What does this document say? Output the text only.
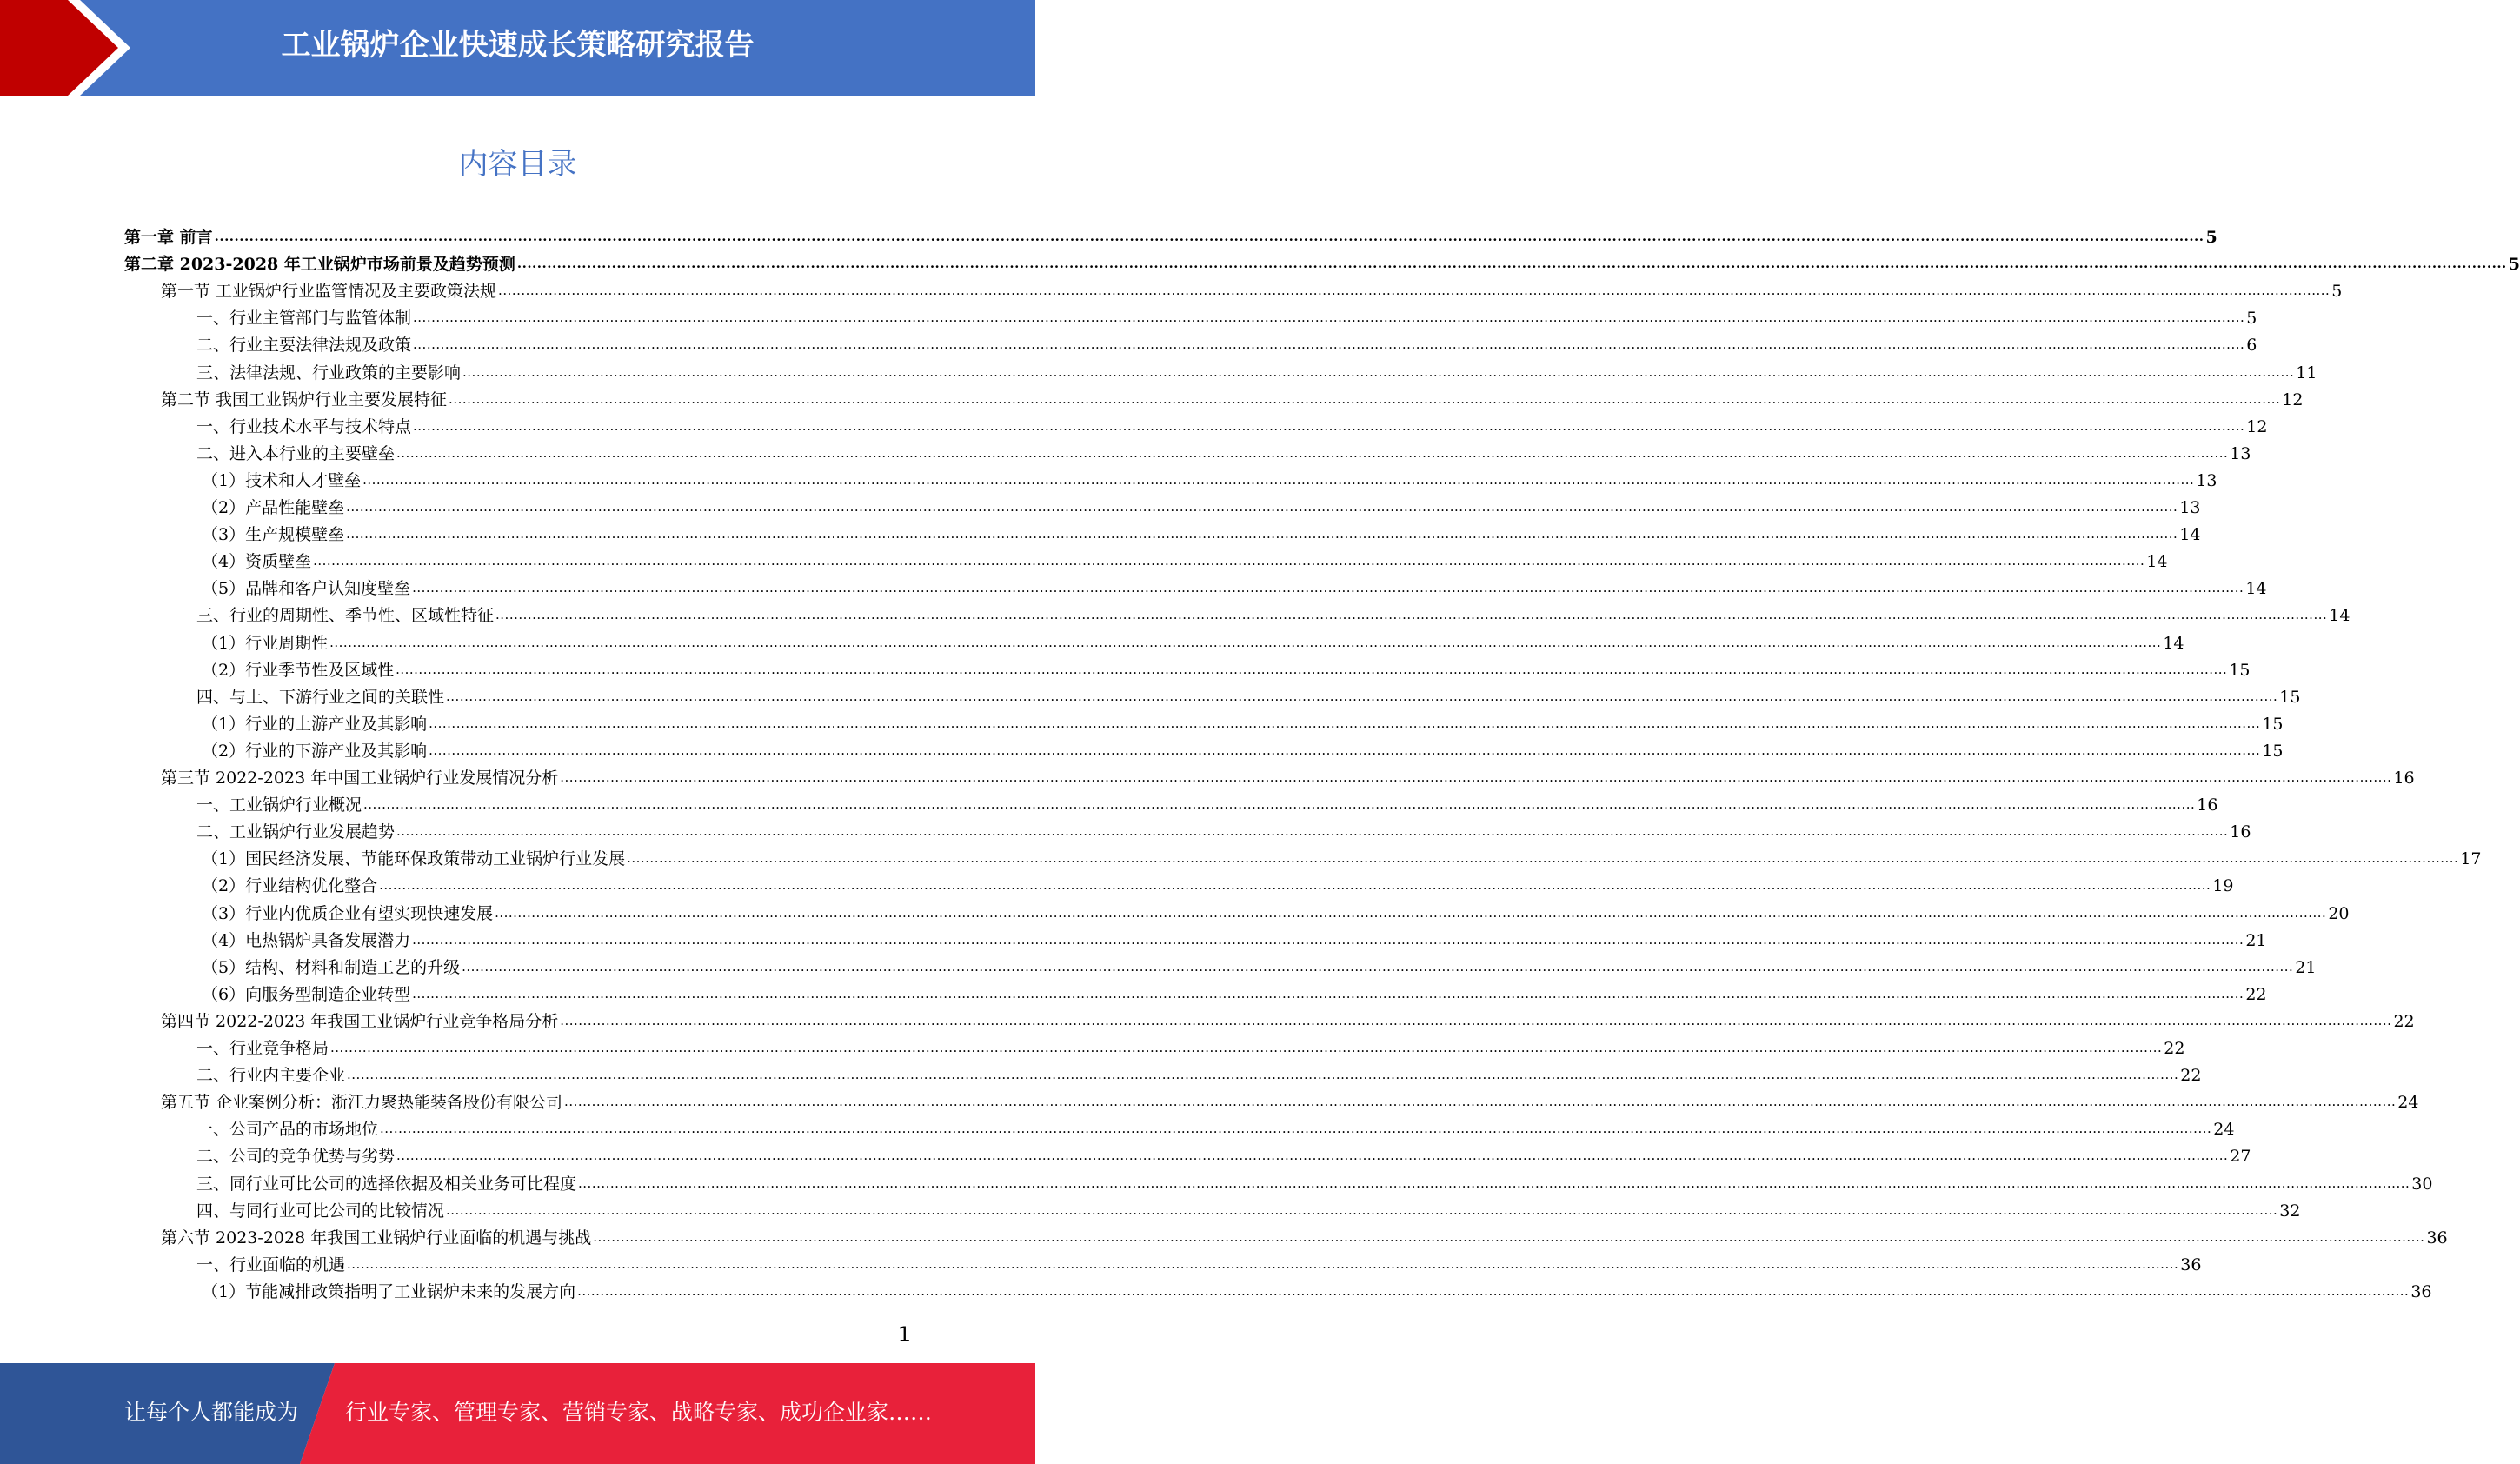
工业锅炉企业快速成长策略研究报告
内容目录
第一章 前言 ................................................................................................................................................................................................................................................................................................................................................................................................................ 5
第二章 2023-2028 年工业锅炉市场前景及趋势预测 ................................................................................................................................................................................................................................................................................................................................................................................................................ 5
第一节 工业锅炉行业监管情况及主要政策法规 ................................................................................................................................................................................................................................................................................................................................................................................................................ 5
一、行业主管部门与监管体制 ................................................................................................................................................................................................................................................................................................................................................................................................................ 5
二、行业主要法律法规及政策 ................................................................................................................................................................................................................................................................................................................................................................................................................ 6
三、法律法规、行业政策的主要影响 ................................................................................................................................................................................................................................................................................................................................................................................................................ 11
第二节 我国工业锅炉行业主要发展特征 ................................................................................................................................................................................................................................................................................................................................................................................................................ 12
一、行业技术水平与技术特点 ................................................................................................................................................................................................................................................................................................................................................................................................................ 12
二、进入本行业的主要壁垒 ................................................................................................................................................................................................................................................................................................................................................................................................................ 13
（1）技术和人才壁垒 ................................................................................................................................................................................................................................................................................................................................................................................................................ 13
（2）产品性能壁垒 ................................................................................................................................................................................................................................................................................................................................................................................................................ 13
（3）生产规模壁垒 ................................................................................................................................................................................................................................................................................................................................................................................................................ 14
（4）资质壁垒 ................................................................................................................................................................................................................................................................................................................................................................................................................ 14
（5）品牌和客户认知度壁垒 ................................................................................................................................................................................................................................................................................................................................................................................................................ 14
三、行业的周期性、季节性、区域性特征 ................................................................................................................................................................................................................................................................................................................................................................................................................ 14
（1）行业周期性 ................................................................................................................................................................................................................................................................................................................................................................................................................ 14
（2）行业季节性及区域性 ................................................................................................................................................................................................................................................................................................................................................................................................................ 15
四、与上、下游行业之间的关联性 ................................................................................................................................................................................................................................................................................................................................................................................................................ 15
（1）行业的上游产业及其影响 ................................................................................................................................................................................................................................................................................................................................................................................................................ 15
（2）行业的下游产业及其影响 ................................................................................................................................................................................................................................................................................................................................................................................................................ 15
第三节 2022-2023 年中国工业锅炉行业发展情况分析 ................................................................................................................................................................................................................................................................................................................................................................................................................ 16
一、工业锅炉行业概况 ................................................................................................................................................................................................................................................................................................................................................................................................................ 16
二、工业锅炉行业发展趋势 ................................................................................................................................................................................................................................................................................................................................................................................................................ 16
（1）国民经济发展、节能环保政策带动工业锅炉行业发展 ................................................................................................................................................................................................................................................................................................................................................................................................................ 17
（2）行业结构优化整合 ................................................................................................................................................................................................................................................................................................................................................................................................................ 19
（3）行业内优质企业有望实现快速发展 ................................................................................................................................................................................................................................................................................................................................................................................................................ 20
（4）电热锅炉具备发展潜力 ................................................................................................................................................................................................................................................................................................................................................................................................................ 21
（5）结构、材料和制造工艺的升级 ................................................................................................................................................................................................................................................................................................................................................................................................................ 21
（6）向服务型制造企业转型 ................................................................................................................................................................................................................................................................................................................................................................................................................ 22
第四节 2022-2023 年我国工业锅炉行业竞争格局分析 ................................................................................................................................................................................................................................................................................................................................................................................................................ 22
一、行业竞争格局 ................................................................................................................................................................................................................................................................................................................................................................................................................ 22
二、行业内主要企业 ................................................................................................................................................................................................................................................................................................................................................................................................................ 22
第五节 企业案例分析：浙江力聚热能装备股份有限公司 ................................................................................................................................................................................................................................................................................................................................................................................................................ 24
一、公司产品的市场地位 ................................................................................................................................................................................................................................................................................................................................................................................................................ 24
二、公司的竞争优势与劣势 ................................................................................................................................................................................................................................................................................................................................................................................................................ 27
三、同行业可比公司的选择依据及相关业务可比程度 ................................................................................................................................................................................................................................................................................................................................................................................................................ 30
四、与同行业可比公司的比较情况 ................................................................................................................................................................................................................................................................................................................................................................................................................ 32
第六节 2023-2028 年我国工业锅炉行业面临的机遇与挑战 ................................................................................................................................................................................................................................................................................................................................................................................................................ 36
一、行业面临的机遇 ................................................................................................................................................................................................................................................................................................................................................................................................................ 36
（1）节能减排政策指明了工业锅炉未来的发展方向 ................................................................................................................................................................................................................................................................................................................................................................................................................ 36
1
让每个人都能成为 行业专家、管理专家、营销专家、战略专家、成功企业家……
